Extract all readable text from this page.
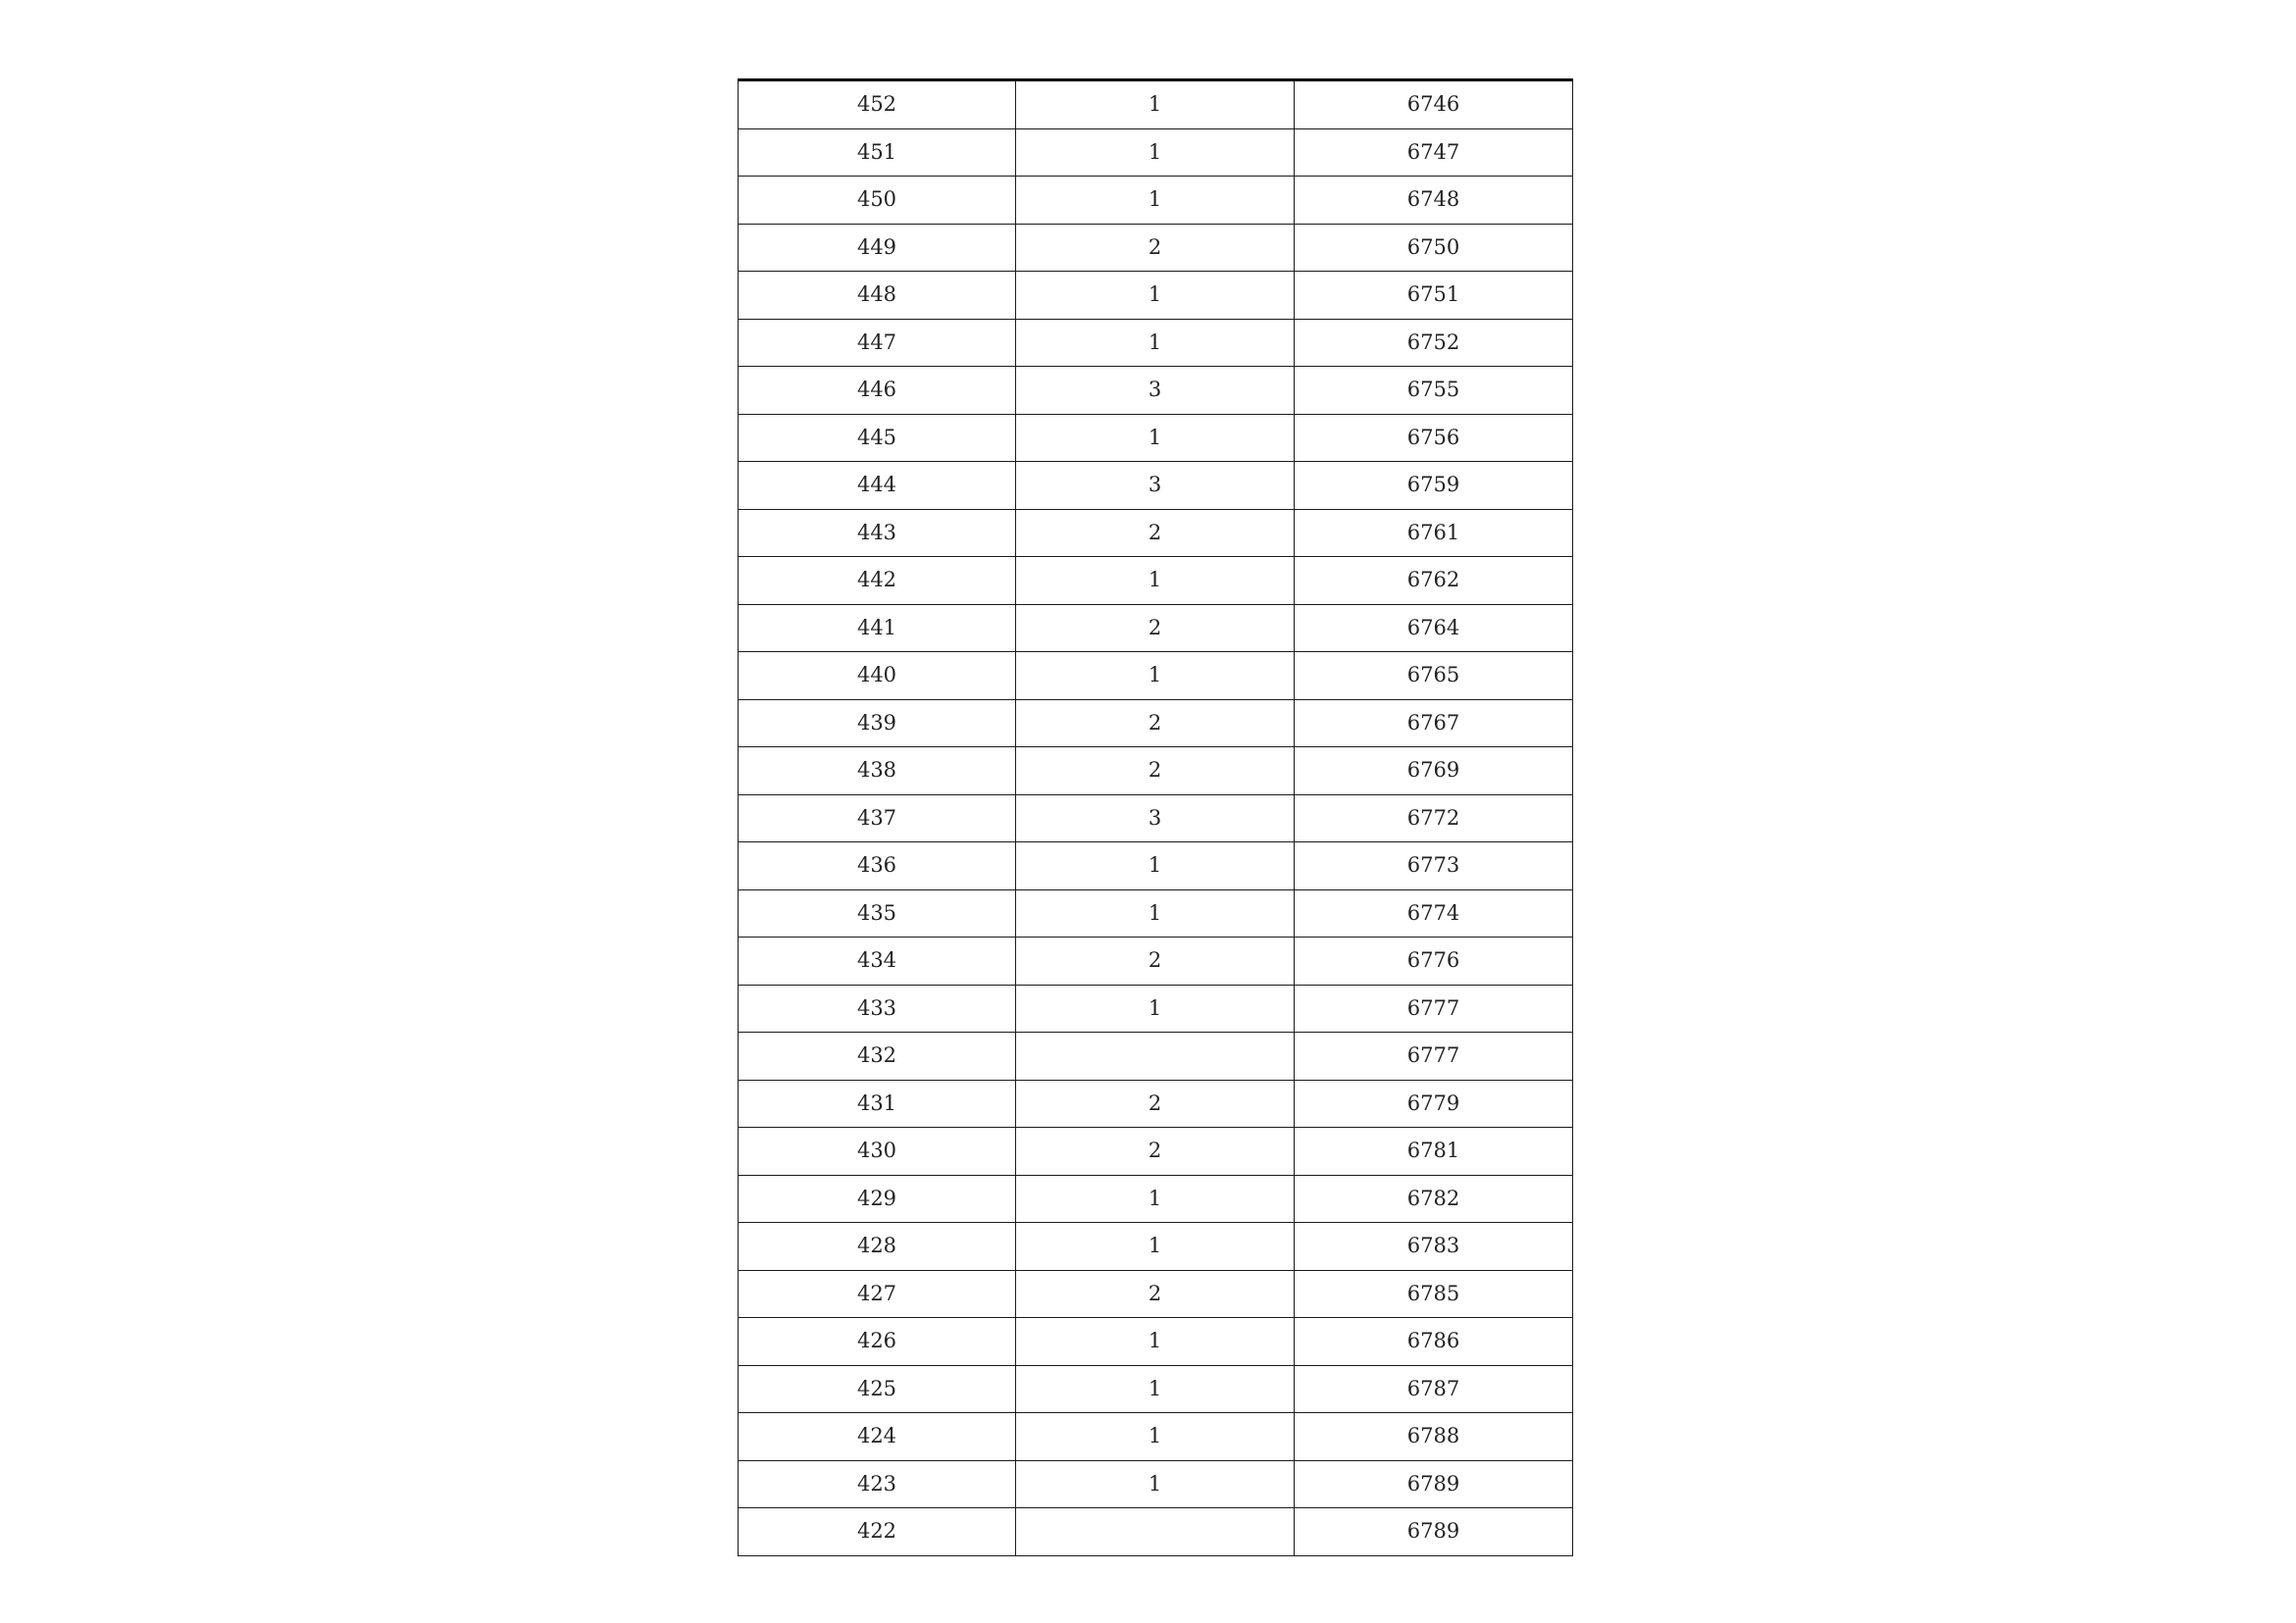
452	1	6746
451	1	6747
450	1	6748
449	2	6750
448	1	6751
447	1	6752
446	3	6755
445	1	6756
444	3	6759
443	2	6761
442	1	6762
441	2	6764
440	1	6765
439	2	6767
438	2	6769
437	3	6772
436	1	6773
435	1	6774
434	2	6776
433	1	6777
432		6777
431	2	6779
430	2	6781
429	1	6782
428	1	6783
427	2	6785
426	1	6786
425	1	6787
424	1	6788
423	1	6789
422		6789
